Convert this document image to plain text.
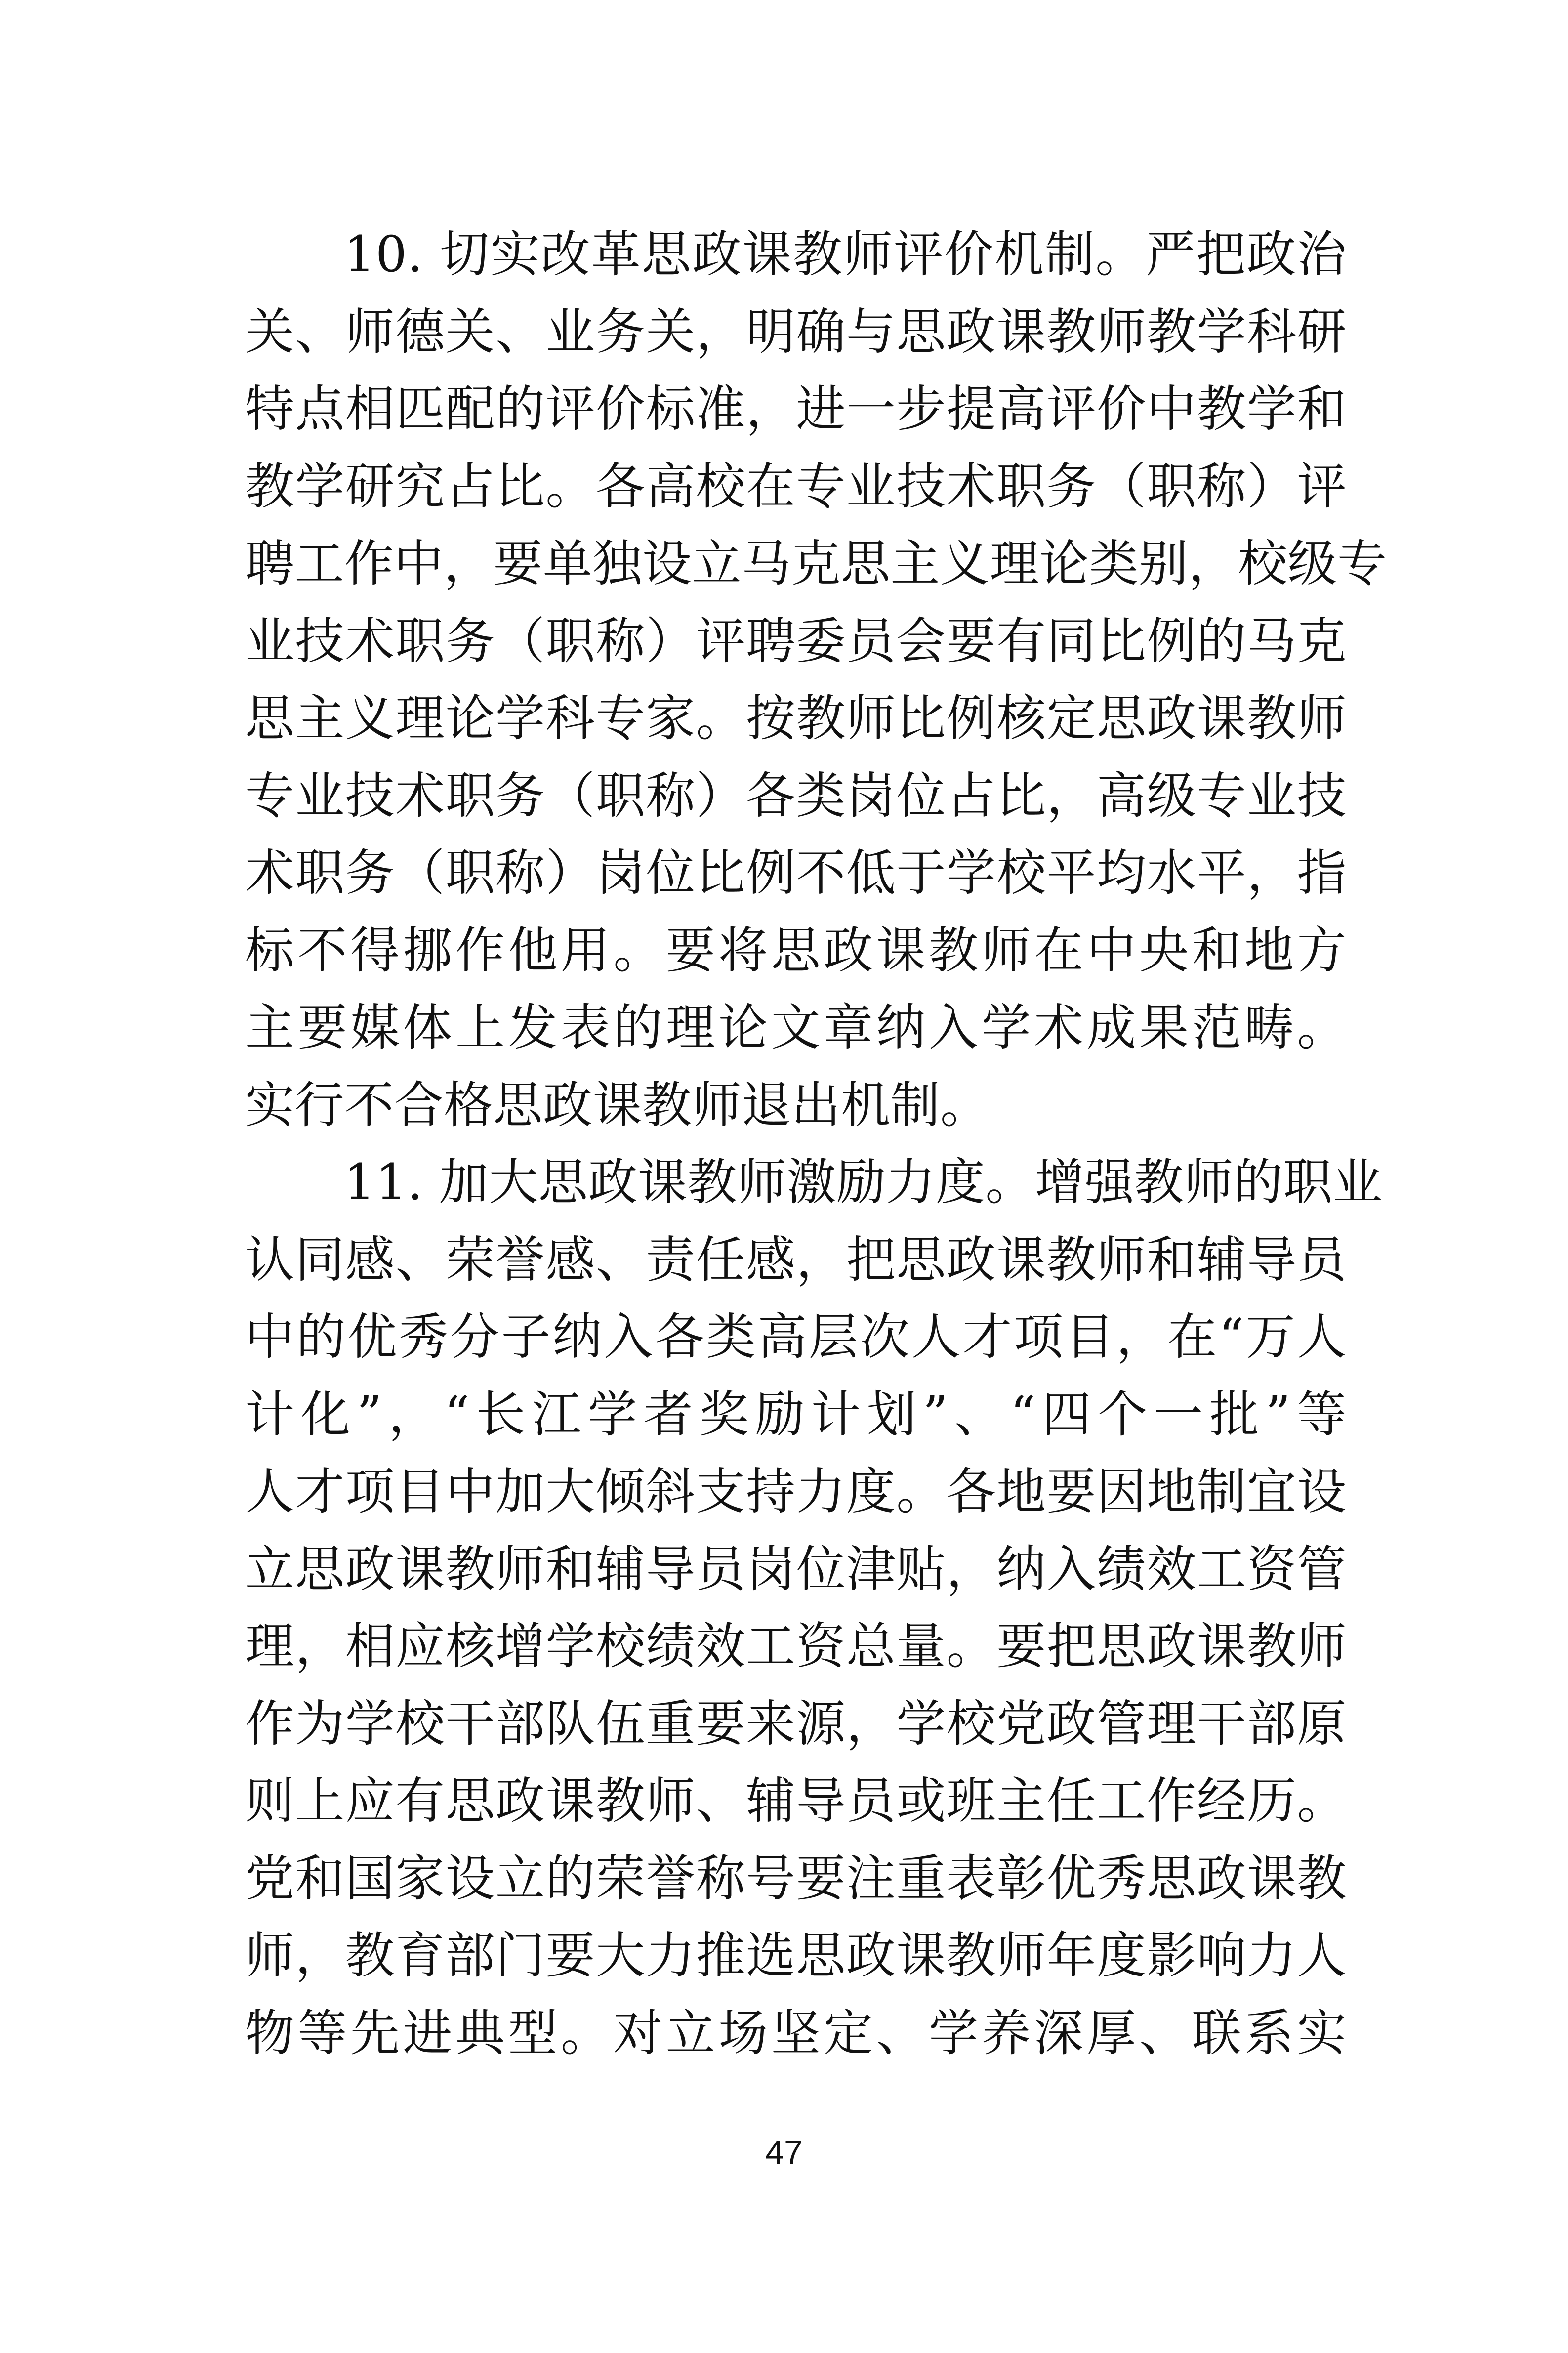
10. 切实改革思政课教师评价机制。严把政治
关、师德关、业务关，明确与思政课教师教学科研
特点相匹配的评价标准，进一步提高评价中教学和
教学研究占比。各高校在专业技术职务（职称）评
聘工作中，要单独设立马克思主义理论类别，校级专
业技术职务（职称）评聘委员会要有同比例的马克
思主义理论学科专家。按教师比例核定思政课教师
专业技术职务（职称）各类岗位占比，高级专业技
术职务（职称）岗位比例不低于学校平均水平，指
标不得挪作他用。要将思政课教师在中央和地方
主要媒体上发表的理论文章纳入学术成果范畴。
实行不合格思政课教师退出机制。
11. 加大思政课教师激励力度。增强教师的职业
认同感、荣誉感、责任感，把思政课教师和辅导员
中的优秀分子纳入各类高层次人才项目，在“万人
计化”，“长江学者奖励计划”、“四个一批”等
人才项目中加大倾斜支持力度。各地要因地制宜设
立思政课教师和辅导员岗位津贴，纳入绩效工资管
理，相应核增学校绩效工资总量。要把思政课教师
作为学校干部队伍重要来源，学校党政管理干部原
则上应有思政课教师、辅导员或班主任工作经历。
党和国家设立的荣誉称号要注重表彰优秀思政课教
师，教育部门要大力推选思政课教师年度影响力人
物等先进典型。对立场坚定、学养深厚、联系实
47
